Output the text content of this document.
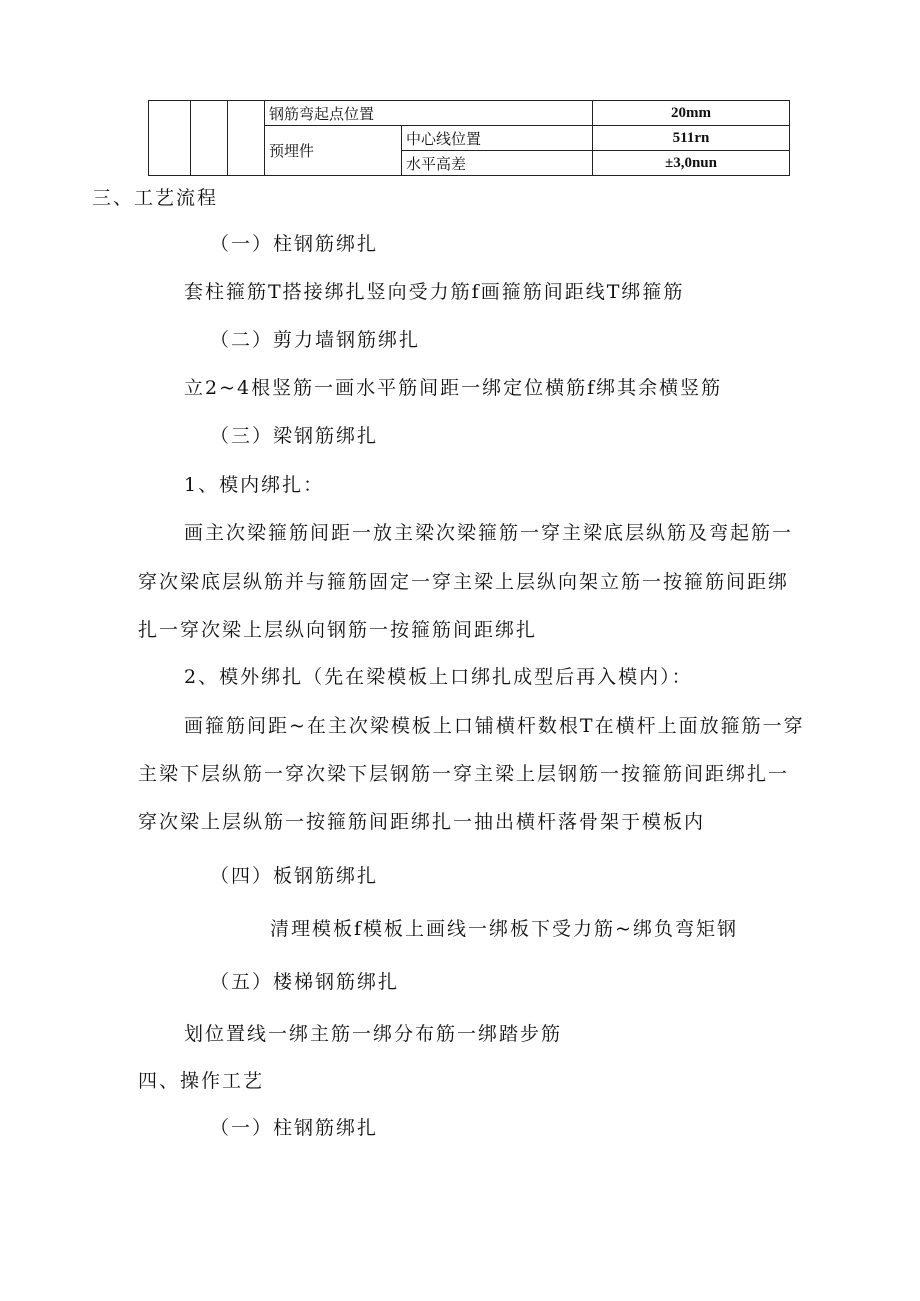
			钢筋弯起点位置		20mm
			预埋件	中心线位置	511rn
				水平高差	±3,0nun
三、工艺流程
（一）柱钢筋绑扎
套柱箍筋T搭接绑扎竖向受力筋f画箍筋间距线T绑箍筋
（二）剪力墙钢筋绑扎
立2~4根竖筋一画水平筋间距一绑定位横筋f绑其余横竖筋
（三）梁钢筋绑扎
1、模内绑扎：
画主次梁箍筋间距一放主梁次梁箍筋一穿主梁底层纵筋及弯起筋一
穿次梁底层纵筋并与箍筋固定一穿主梁上层纵向架立筋一按箍筋间距绑
扎一穿次梁上层纵向钢筋一按箍筋间距绑扎
2、模外绑扎（先在梁模板上口绑扎成型后再入模内）：
画箍筋间距~在主次梁模板上口铺横杆数根T在横杆上面放箍筋一穿
主梁下层纵筋一穿次梁下层钢筋一穿主梁上层钢筋一按箍筋间距绑扎一
穿次梁上层纵筋一按箍筋间距绑扎一抽出横杆落骨架于模板内
（四）板钢筋绑扎
清理模板f模板上画线一绑板下受力筋~绑负弯矩钢
（五）楼梯钢筋绑扎
划位置线一绑主筋一绑分布筋一绑踏步筋
四、操作工艺
（一）柱钢筋绑扎
